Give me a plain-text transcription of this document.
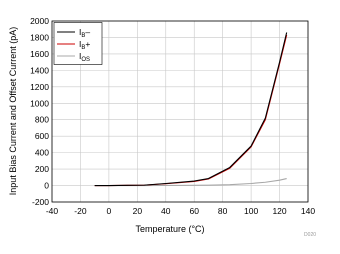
-40 -20 0	20 40 60 80 100 120 140
-200
0
200
400
600
800
1000
1200
1400
1600
1800
2000
$I_B-$
$I_B+$
$I_{OS}$
Temperature (°C)
Input Bias Current and Offset Current (pA)
D020
